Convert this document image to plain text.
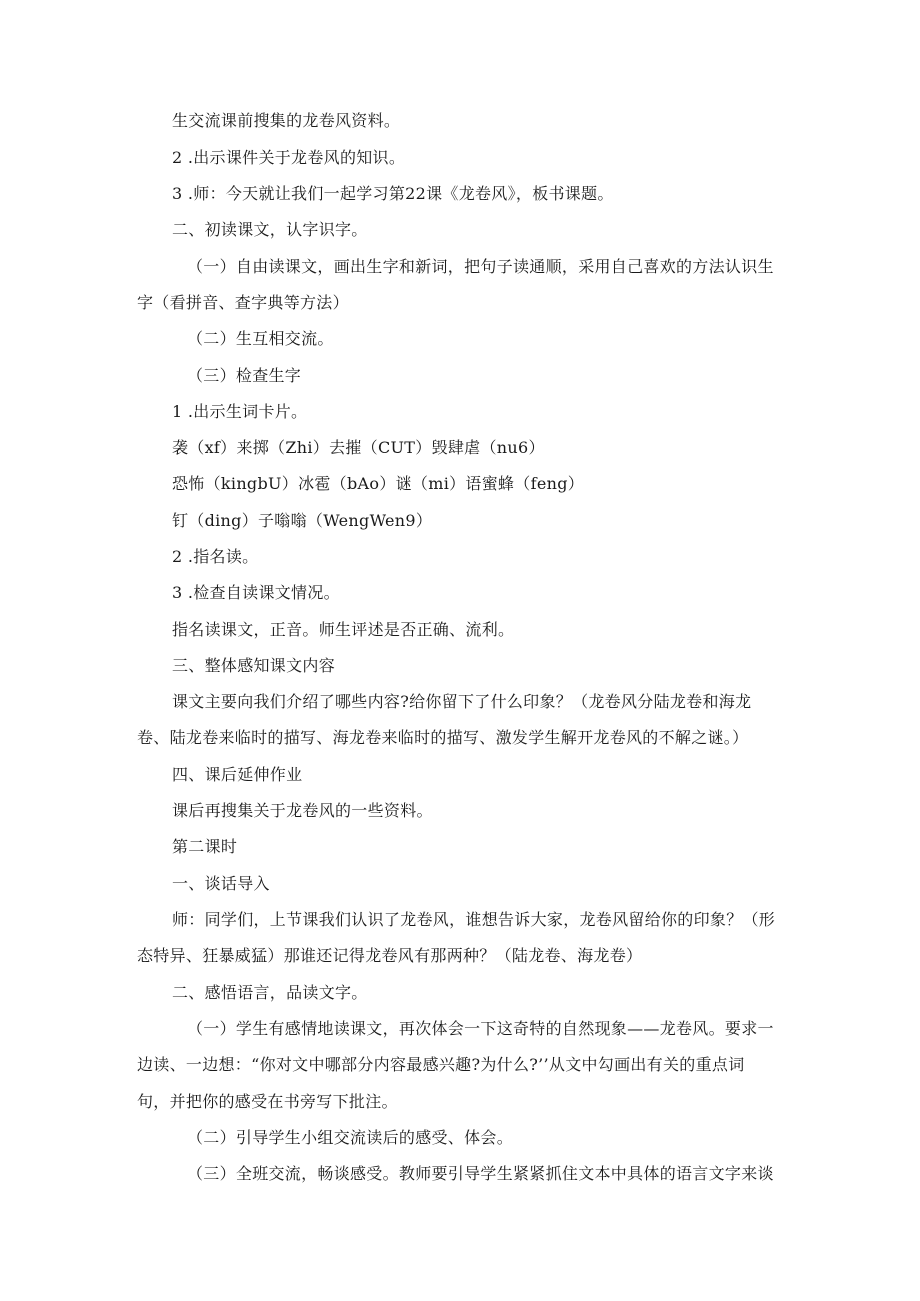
生交流课前搜集的龙卷风资料。

2 .出示课件关于龙卷风的知识。

3 .师：今天就让我们一起学习第22课《龙卷风》，板书课题。

二、初读课文，认字识字。

（一）自由读课文，画出生字和新词，把句子读通顺，采用自己喜欢的方法认识生

字（看拼音、查字典等方法）

（二）生互相交流。

（三）检查生字

1 .出示生词卡片。

袭（xf）来掷（Zhi）去摧（CUT）毁肆虐（nu6）

恐怖（kingbU）冰雹（bAo）谜（mi）语蜜蜂（feng）

钉（ding）子嗡嗡（WengWen9）

2 .指名读。

3 .检查自读课文情况。

指名读课文，正音。师生评述是否正确、流利。

三、整体感知课文内容

课文主要向我们介绍了哪些内容?给你留下了什么印象？（龙卷风分陆龙卷和海龙

卷、陆龙卷来临时的描写、海龙卷来临时的描写、激发学生解开龙卷风的不解之谜。）

四、课后延伸作业

课后再搜集关于龙卷风的一些资料。

第二课时

一、谈话导入

师：同学们，上节课我们认识了龙卷风，谁想告诉大家，龙卷风留给你的印象？（形

态特异、狂暴威猛）那谁还记得龙卷风有那两种？（陆龙卷、海龙卷）

二、感悟语言，品读文字。

（一）学生有感情地读课文，再次体会一下这奇特的自然现象——龙卷风。要求一

边读、一边想：“你对文中哪部分内容最感兴趣?为什么?’’从文中勾画出有关的重点词

句，并把你的感受在书旁写下批注。

（二）引导学生小组交流读后的感受、体会。

（三）全班交流，畅谈感受。教师要引导学生紧紧抓住文本中具体的语言文字来谈
